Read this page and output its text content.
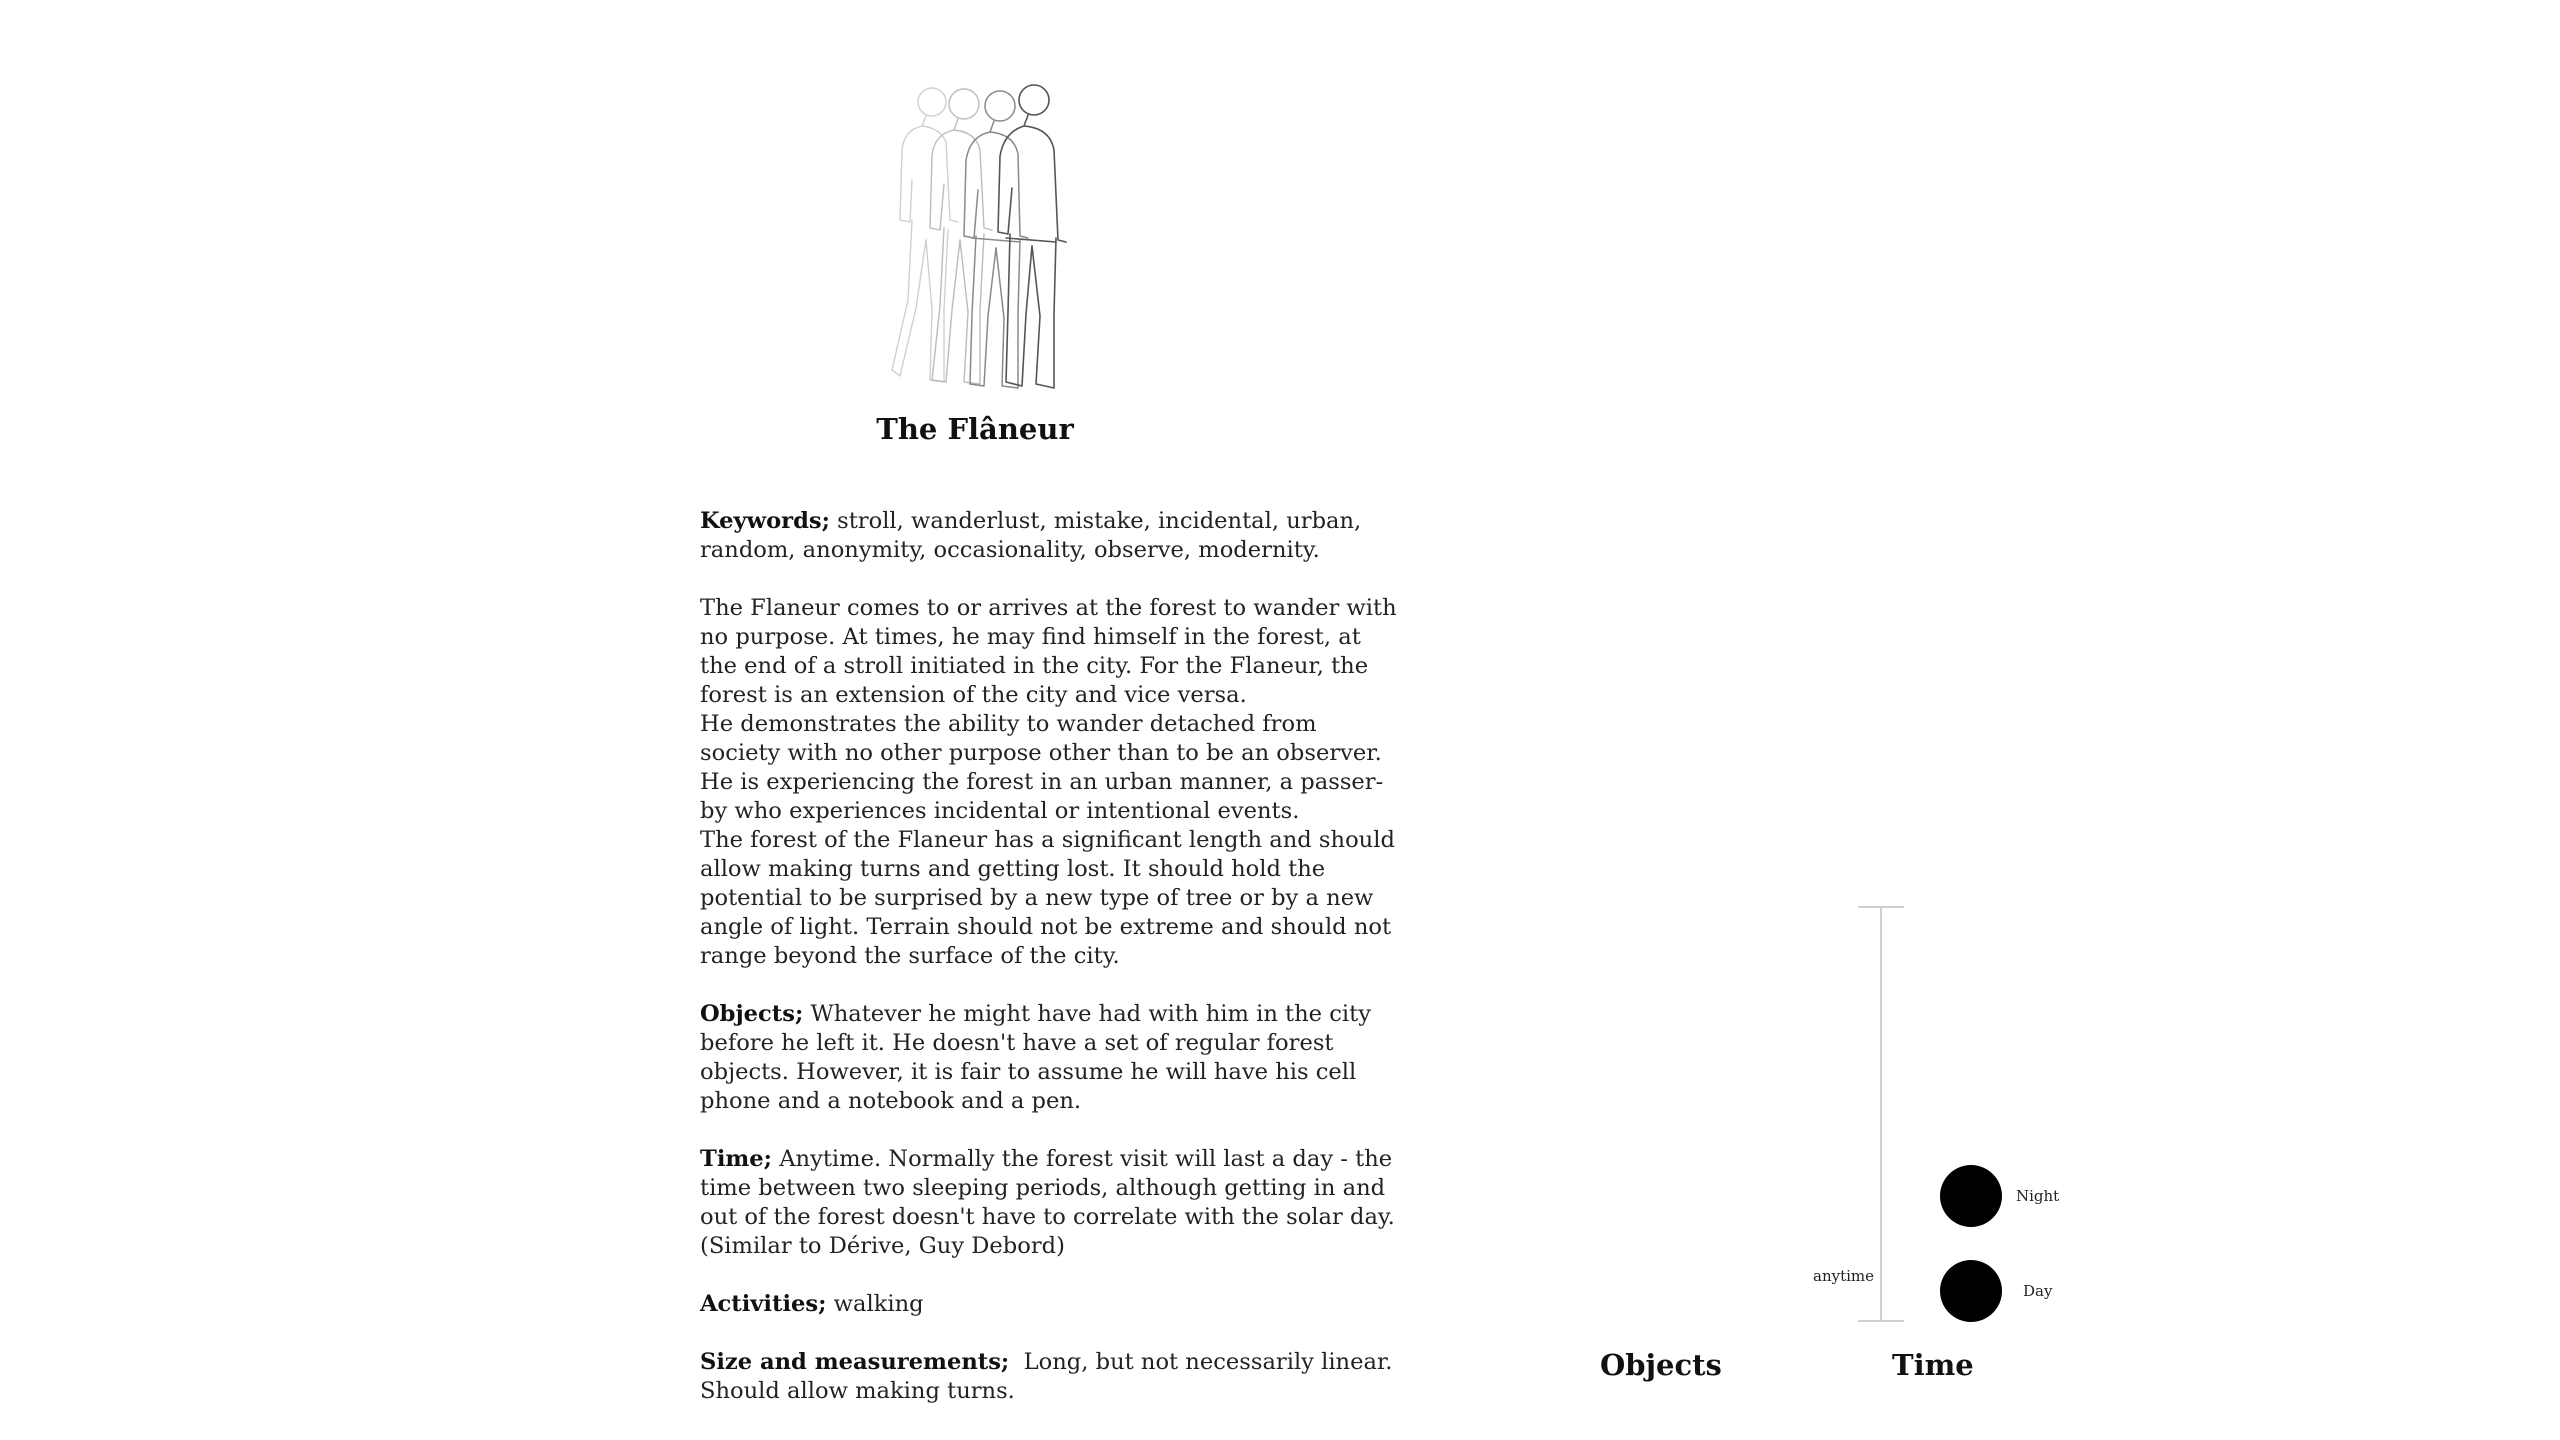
The Flâneur

Keywords; stroll, wanderlust, mistake, incidental, urban, random, anonymity, occasionality, observe, modernity.

The Flaneur comes to or arrives at the forest to wander with no purpose. At times, he may find himself in the forest, at the end of a stroll initiated in the city. For the Flaneur, the forest is an extension of the city and vice versa.

He demonstrates the ability to wander detached from society with no other purpose other than to be an observer. He is experiencing the forest in an urban manner, a passer-by who experiences incidental or intentional events.

The forest of the Flaneur has a significant length and should allow making turns and getting lost. It should hold the potential to be surprised by a new type of tree or by a new angle of light. Terrain should not be extreme and should not range beyond the surface of the city.

Objects; Whatever he might have had with him in the city before he left it. He doesn't have a set of regular forest objects. However, it is fair to assume he will have his cell phone and a notebook and a pen.

Time; Anytime. Normally the forest visit will last a day - the time between two sleeping periods, although getting in and out of the forest doesn't have to correlate with the solar day.
(Similar to Dérive, Guy Debord)

Activities; walking

Size and measurements;  Long, but not necessarily linear. Should allow making turns.

anytime
Night
Day
Objects	Time
